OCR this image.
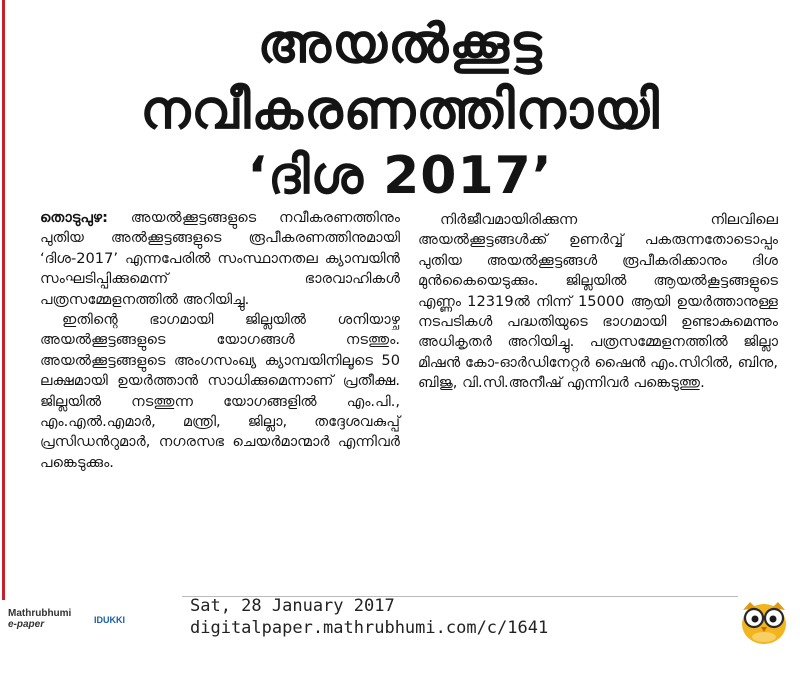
അയൽക്കൂട്ട
നവീകരണത്തിനായി
‘ദിശ 2017’

തൊടുപുഴ: അയൽക്കൂട്ടങ്ങളുടെ നവീകരണത്തിനും പുതിയ അൽക്കൂട്ടങ്ങളുടെ രൂപീകരണത്തിനുമായി ‘ദിശ-2017’ എന്നപേരിൽ സംസ്ഥാനതല ക്യാമ്പയിൻ സംഘടിപ്പിക്കുമെന്ന് ഭാരവാഹികൾ പത്രസമ്മേളനത്തിൽ അറിയിച്ചു.

ഇതിന്റെ ഭാഗമായി ജില്ലയിൽ ശനിയാഴ്ച അയൽക്കൂട്ടങ്ങളുടെ യോഗങ്ങൾ നടത്തും. അയൽക്കൂട്ടങ്ങളുടെ അംഗസംഖ്യ ക്യാമ്പയിനിലൂടെ 50 ലക്ഷമായി ഉയർത്താൻ സാധിക്കുമെന്നാണ് പ്രതീക്ഷ. ജില്ലയിൽ നടത്തുന്ന യോഗങ്ങളിൽ എം.പി., എം.എൽ.എമാർ, മന്ത്രി, ജില്ലാ, തദ്ദേശവകുപ്പ് പ്രസിഡൻറുമാർ, നഗരസഭ ചെയർമാന്മാർ എന്നിവർ പങ്കെടുക്കും.

നിർജീവമായിരിക്കുന്ന നിലവിലെ അയൽക്കൂട്ടങ്ങൾക്ക് ഉണർവ്വ് പകരുന്നതോടൊപ്പം പുതിയ അയൽക്കൂട്ടങ്ങൾ രൂപീകരിക്കാനും ദിശ മുൻകൈയെടുക്കും. ജില്ലയിൽ ആയൽകൂട്ടങ്ങളുടെ എണ്ണം 12319ൽ നിന്ന് 15000 ആയി ഉയർത്താനുള്ള നടപടികൾ പദ്ധതിയുടെ ഭാഗമായി ഉണ്ടാകുമെന്നും അധികൃതർ അറിയിച്ചു. പത്രസമ്മേളനത്തിൽ ജില്ലാ മിഷൻ കോ-ഓർഡിനേറ്റർ ഷൈൻ എം.സിറിൽ, ബിനു, ബിജു, വി.സി.അനീഷ് എന്നിവർ പങ്കെടുത്തു.

Mathrubhumi
e-paper	IDUKKI
Sat, 28 January 2017
digitalpaper.mathrubhumi.com/c/1641
